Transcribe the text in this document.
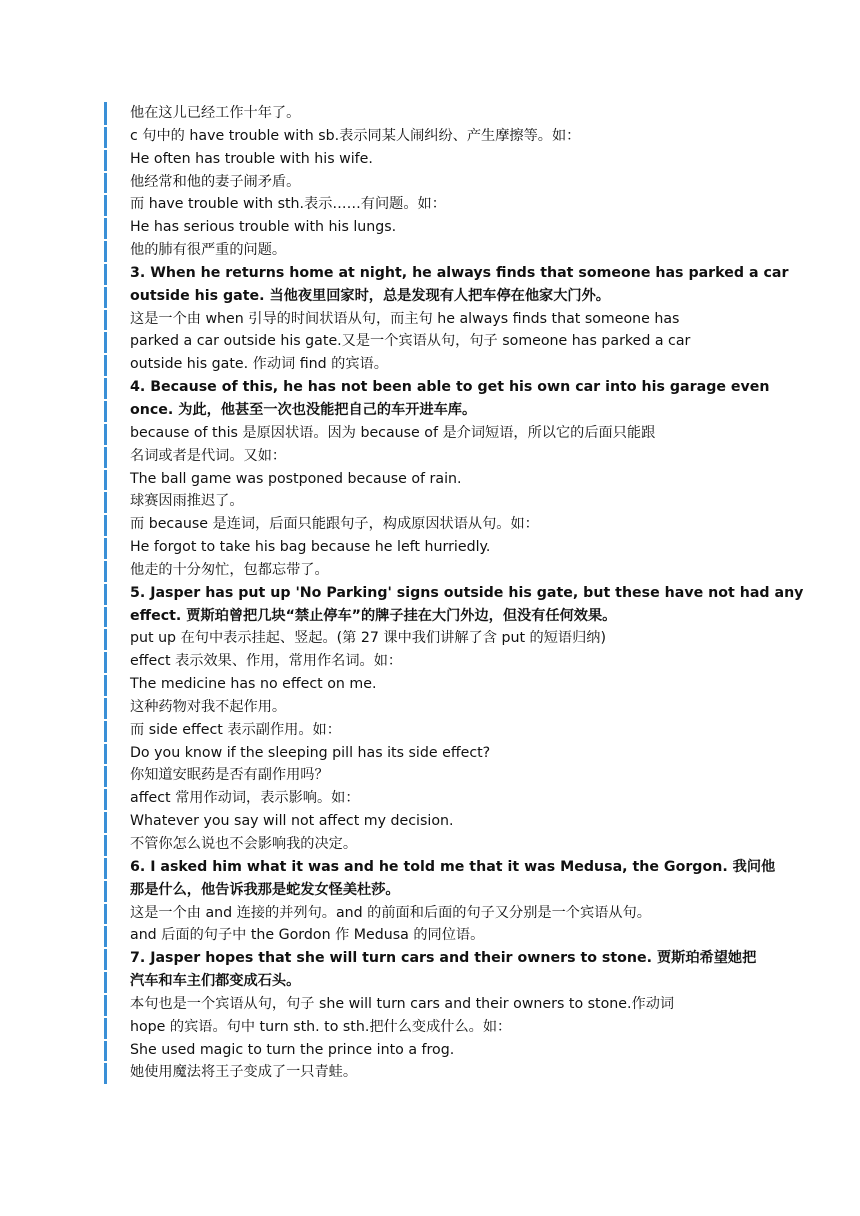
他在这儿已经工作十年了。
c 句中的 have trouble with sb.表示同某人闹纠纷、产生摩擦等。如：
He often has trouble with his wife.
他经常和他的妻子闹矛盾。
而 have trouble with sth.表示……有问题。如：
He has serious trouble with his lungs.
他的肺有很严重的问题。
3. When he returns home at night, he always finds that someone has parked a car
outside his gate. 当他夜里回家时，总是发现有人把车停在他家大门外。
这是一个由 when 引导的时间状语从句，而主句 he always finds that someone has
parked a car outside his gate.又是一个宾语从句，句子 someone has parked a car
outside his gate. 作动词 find 的宾语。
4. Because of this, he has not been able to get his own car into his garage even
once. 为此，他甚至一次也没能把自己的车开进车库。
because of this 是原因状语。因为 because of 是介词短语，所以它的后面只能跟
名词或者是代词。又如：
The ball game was postponed because of rain.
球赛因雨推迟了。
而 because 是连词，后面只能跟句子，构成原因状语从句。如：
He forgot to take his bag because he left hurriedly.
他走的十分匆忙，包都忘带了。
5. Jasper has put up 'No Parking' signs outside his gate, but these have not had any
effect. 贾斯珀曾把几块“禁止停车”的牌子挂在大门外边，但没有任何效果。
put up 在句中表示挂起、竖起。(第 27 课中我们讲解了含 put 的短语归纳)
effect 表示效果、作用，常用作名词。如：
The medicine has no effect on me.
这种药物对我不起作用。
而 side effect 表示副作用。如：
Do you know if the sleeping pill has its side effect?
你知道安眠药是否有副作用吗？
affect 常用作动词，表示影响。如：
Whatever you say will not affect my decision.
不管你怎么说也不会影响我的决定。
6. I asked him what it was and he told me that it was Medusa, the Gorgon. 我问他
那是什么，他告诉我那是蛇发女怪美杜莎。
这是一个由 and 连接的并列句。and 的前面和后面的句子又分别是一个宾语从句。
and 后面的句子中 the Gordon 作 Medusa 的同位语。
7. Jasper hopes that she will turn cars and their owners to stone. 贾斯珀希望她把
汽车和车主们都变成石头。
本句也是一个宾语从句，句子 she will turn cars and their owners to stone.作动词
hope 的宾语。句中 turn sth. to sth.把什么变成什么。如：
She used magic to turn the prince into a frog.
她使用魔法将王子变成了一只青蛙。
